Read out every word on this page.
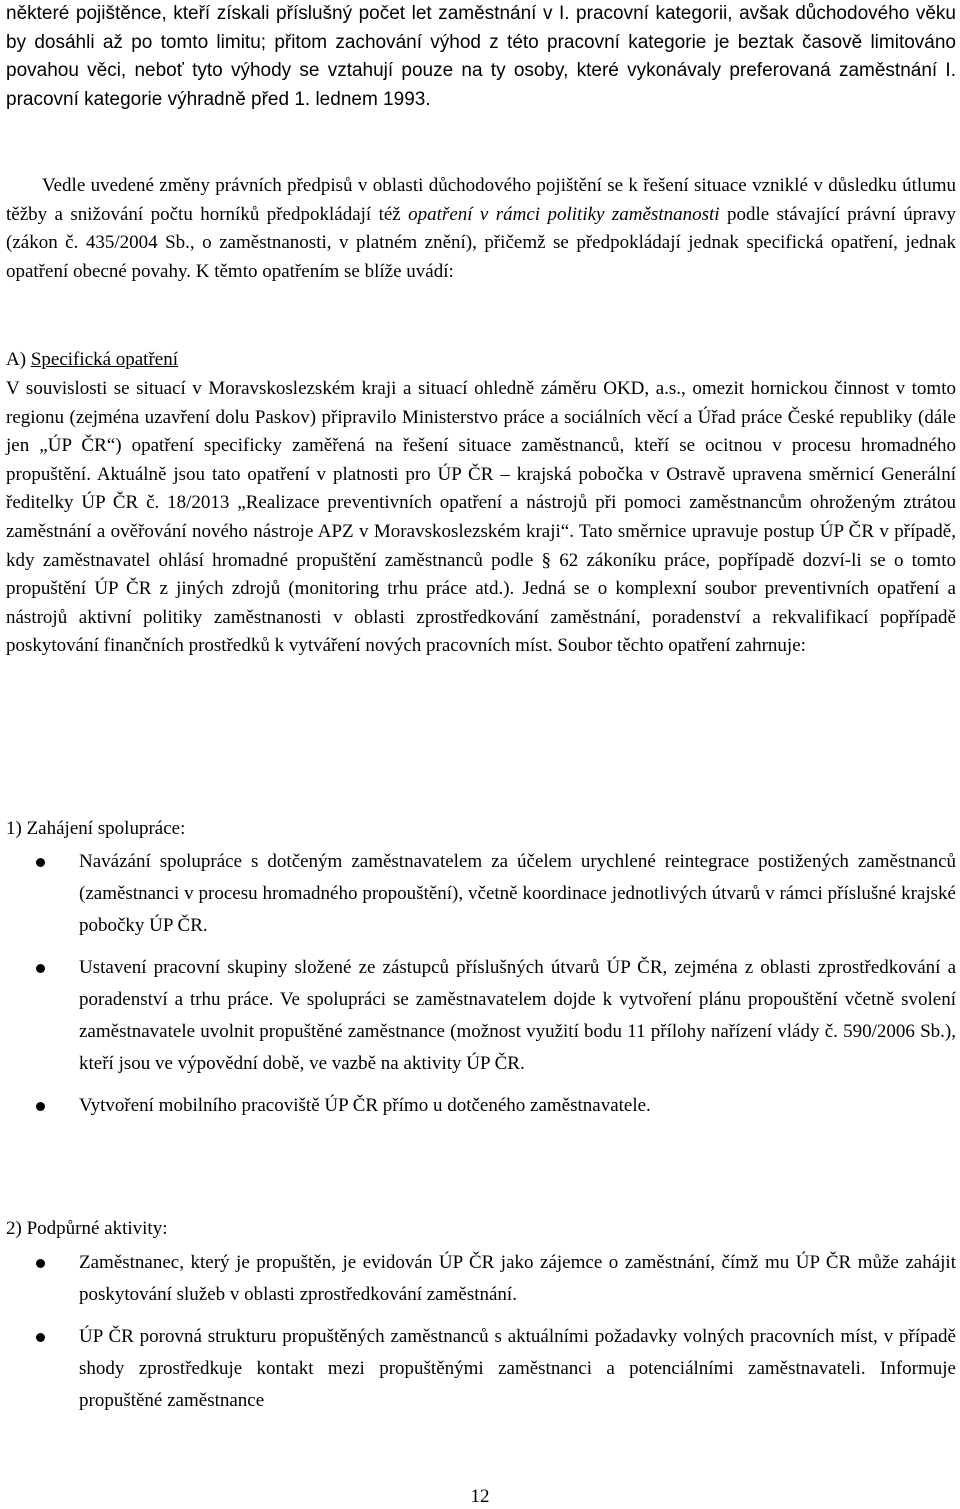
některé pojištěnce, kteří získali příslušný počet let zaměstnání v I. pracovní kategorii, avšak důchodového věku by dosáhli až po tomto limitu; přitom zachování výhod z této pracovní kategorie je beztak časově limitováno povahou věci, neboť tyto výhody se vztahují pouze na ty osoby, které vykonávaly preferovaná zaměstnání I. pracovní kategorie výhradně před 1. lednem 1993.

Vedle uvedené změny právních předpisů v oblasti důchodového pojištění se k řešení situace vzniklé v důsledku útlumu těžby a snižování počtu horníků předpokládají též opatření v rámci politiky zaměstnanosti podle stávající právní úpravy (zákon č. 435/2004 Sb., o zaměstnanosti, v platném znění), přičemž se předpokládají jednak specifická opatření, jednak opatření obecné povahy. K těmto opatřením se blíže uvádí:

A) Specifická opatření

V souvislosti se situací v Moravskoslezském kraji a situací ohledně záměru OKD, a.s., omezit hornickou činnost v tomto regionu (zejména uzavření dolu Paskov) připravilo Ministerstvo práce a sociálních věcí a Úřad práce České republiky (dále jen „ÚP ČR“) opatření specificky zaměřená na řešení situace zaměstnanců, kteří se ocitnou v procesu hromadného propuštění. Aktuálně jsou tato opatření v platnosti pro ÚP ČR – krajská pobočka v Ostravě upravena směrnicí Generální ředitelky ÚP ČR č. 18/2013 „Realizace preventivních opatření a nástrojů při pomoci zaměstnancům ohroženým ztrátou zaměstnání a ověřování nového nástroje APZ v Moravskoslezském kraji“. Tato směrnice upravuje postup ÚP ČR v případě, kdy zaměstnavatel ohlásí hromadné propuštění zaměstnanců podle § 62 zákoníku práce, popřípadě dozví-li se o tomto propuštění ÚP ČR z jiných zdrojů (monitoring trhu práce atd.). Jedná se o komplexní soubor preventivních opatření a nástrojů aktivní politiky zaměstnanosti v oblasti zprostředkování zaměstnání, poradenství a rekvalifikací popřípadě poskytování finančních prostředků k vytváření nových pracovních míst. Soubor těchto opatření zahrnuje:

1) Zahájení spolupráce:

Navázání spolupráce s dotčeným zaměstnavatelem za účelem urychlené reintegrace postižených zaměstnanců (zaměstnanci v procesu hromadného propouštění), včetně koordinace jednotlivých útvarů v rámci příslušné krajské pobočky ÚP ČR.
Ustavení pracovní skupiny složené ze zástupců příslušných útvarů ÚP ČR, zejména z oblasti zprostředkování a poradenství a trhu práce. Ve spolupráci se zaměstnavatelem dojde k vytvoření plánu propouštění včetně svolení zaměstnavatele uvolnit propuštěné zaměstnance (možnost využití bodu 11 přílohy nařízení vlády č. 590/2006 Sb.), kteří jsou ve výpovědní době, ve vazbě na aktivity ÚP ČR.
Vytvoření mobilního pracoviště ÚP ČR přímo u dotčeného zaměstnavatele.

2) Podpůrné aktivity:

Zaměstnanec, který je propuštěn, je evidován ÚP ČR jako zájemce o zaměstnání, čímž mu ÚP ČR může zahájit poskytování služeb v oblasti zprostředkování zaměstnání.
ÚP ČR porovná strukturu propuštěných zaměstnanců s aktuálními požadavky volných pracovních míst, v případě shody zprostředkuje kontakt mezi propuštěnými zaměstnanci a potenciálními zaměstnavateli. Informuje propuštěné zaměstnance
12
